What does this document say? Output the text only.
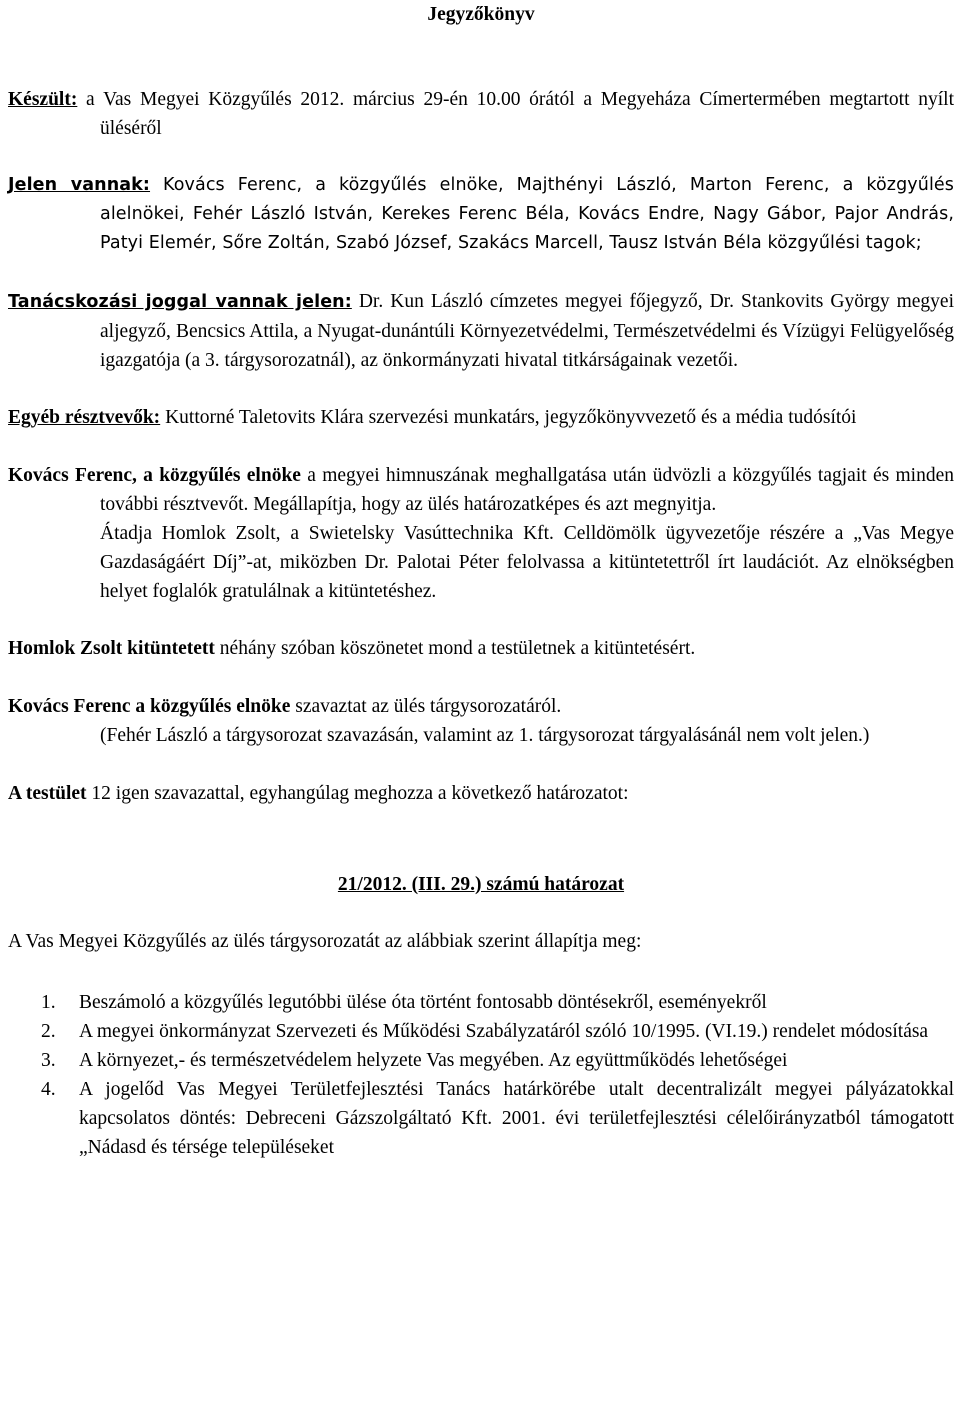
Jegyzőkönyv

Készült: a Vas Megyei Közgyűlés 2012. március 29-én 10.00 órától a Megyeháza Címertermében megtartott nyílt üléséről

Jelen vannak: Kovács Ferenc, a közgyűlés elnöke, Majthényi László, Marton Ferenc, a közgyűlés alelnökei, Fehér László István, Kerekes Ferenc Béla, Kovács Endre, Nagy Gábor, Pajor András, Patyi Elemér, Sőre Zoltán, Szabó József, Szakács Marcell, Tausz István Béla közgyűlési tagok;

Tanácskozási joggal vannak jelen: Dr. Kun László címzetes megyei főjegyző, Dr. Stankovits György megyei aljegyző, Bencsics Attila, a Nyugat-dunántúli Környezetvédelmi, Természetvédelmi és Vízügyi Felügyelőség igazgatója (a 3. tárgysorozatnál), az önkormányzati hivatal titkárságainak vezetői.

Egyéb résztvevők: Kuttorné Taletovits Klára szervezési munkatárs, jegyzőkönyvvezető és a média tudósítói

Kovács Ferenc, a közgyűlés elnöke a megyei himnuszának meghallgatása után üdvözli a közgyűlés tagjait és minden további résztvevőt. Megállapítja, hogy az ülés határozatképes és azt megnyitja.

Átadja Homlok Zsolt, a Swietelsky Vasúttechnika Kft. Celldömölk ügyvezetője részére a „Vas Megye Gazdaságáért Díj”-at, miközben Dr. Palotai Péter felolvassa a kitüntetettről írt laudációt. Az elnökségben helyet foglalók gratulálnak a kitüntetéshez.

Homlok Zsolt kitüntetett néhány szóban köszönetet mond a testületnek a kitüntetésért.

Kovács Ferenc a közgyűlés elnöke szavaztat az ülés tárgysorozatáról.

(Fehér László a tárgysorozat szavazásán, valamint az 1. tárgysorozat tárgyalásánál nem volt jelen.)

A testület 12 igen szavazattal, egyhangúlag meghozza a következő határozatot:

21/2012. (III. 29.) számú határozat

A Vas Megyei Közgyűlés az ülés tárgysorozatát az alábbiak szerint állapítja meg:

1. Beszámoló a közgyűlés legutóbbi ülése óta történt fontosabb döntésekről, eseményekről
2. A megyei önkormányzat Szervezeti és Működési Szabályzatáról szóló 10/1995. (VI.19.) rendelet módosítása
3. A környezet,- és természetvédelem helyzete Vas megyében. Az együttműködés lehetőségei
4. A jogelőd Vas Megyei Területfejlesztési Tanács határkörébe utalt decentralizált megyei pályázatokkal kapcsolatos döntés: Debreceni Gázszolgáltató Kft. 2001. évi területfejlesztési célelőirányzatból támogatott „Nádasd és térsége településeket
